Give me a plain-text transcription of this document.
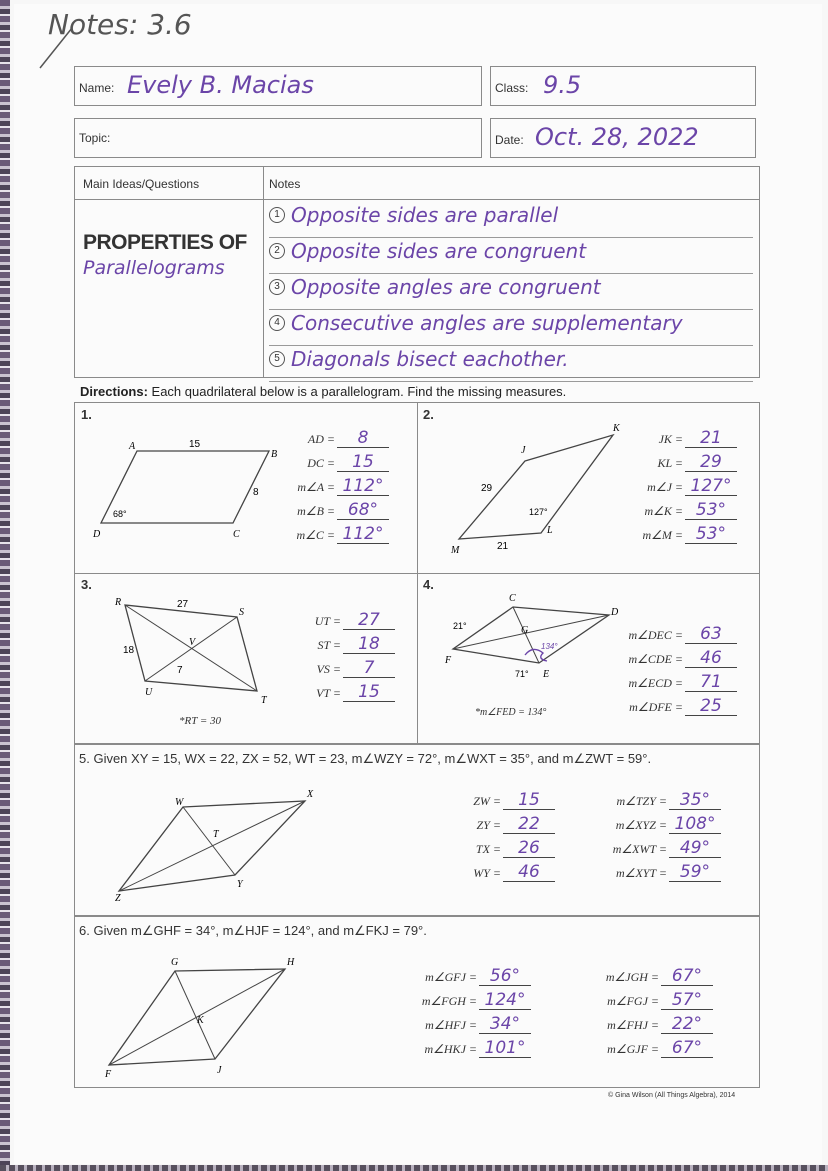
Notes: 3.6
Name: Evely B. Macias	Class: 9.5
Topic:	Date: Oct. 28, 2022
Main Ideas/Questions	Notes
PROPERTIES OF
Parallelograms
1 Opposite sides are parallel
2 Opposite sides are congruent
3 Opposite angles are congruent
4 Consecutive angles are supplementary
5 Diagonals bisect eachother.
Directions: Each quadrilateral below is a parallelogram. Find the missing measures.
1.
A
B
C
D
15
8
68°
AD = 8
DC = 15
m∠A = 112°
m∠B = 68°
m∠C = 112°
2.
J
K
L
M
29
21
127°
JK = 21
KL = 29
m∠J = 127°
m∠K = 53°
m∠M = 53°
3.
R
S
T
U
V
27
18
7
*RT = 30
UT = 27
ST = 18
VS = 7
VT = 15
4.
134°
C
D
E
F
G
21°
71°
*m∠FED = 134°
m∠DEC = 63
m∠CDE = 46
m∠ECD = 71
m∠DFE = 25
5. Given XY = 15, WX = 22, ZX = 52, WT = 23, m∠WZY = 72°, m∠WXT = 35°, and m∠ZWT = 59°.
W
X
Y
Z
T
ZW = 15
ZY = 22
TX = 26
WY = 46
m∠TZY = 35°
m∠XYZ = 108°
m∠XWT = 49°
m∠XYT = 59°
6. Given m∠GHF = 34°, m∠HJF = 124°, and m∠FKJ = 79°.
G	H
J
F
K
m∠GFJ = 56°
m∠FGH = 124°
m∠HFJ = 34°
m∠HKJ = 101°
m∠JGH = 67°
m∠FGJ = 57°
m∠FHJ = 22°
m∠GJF = 67°
© Gina Wilson (All Things Algebra), 2014
